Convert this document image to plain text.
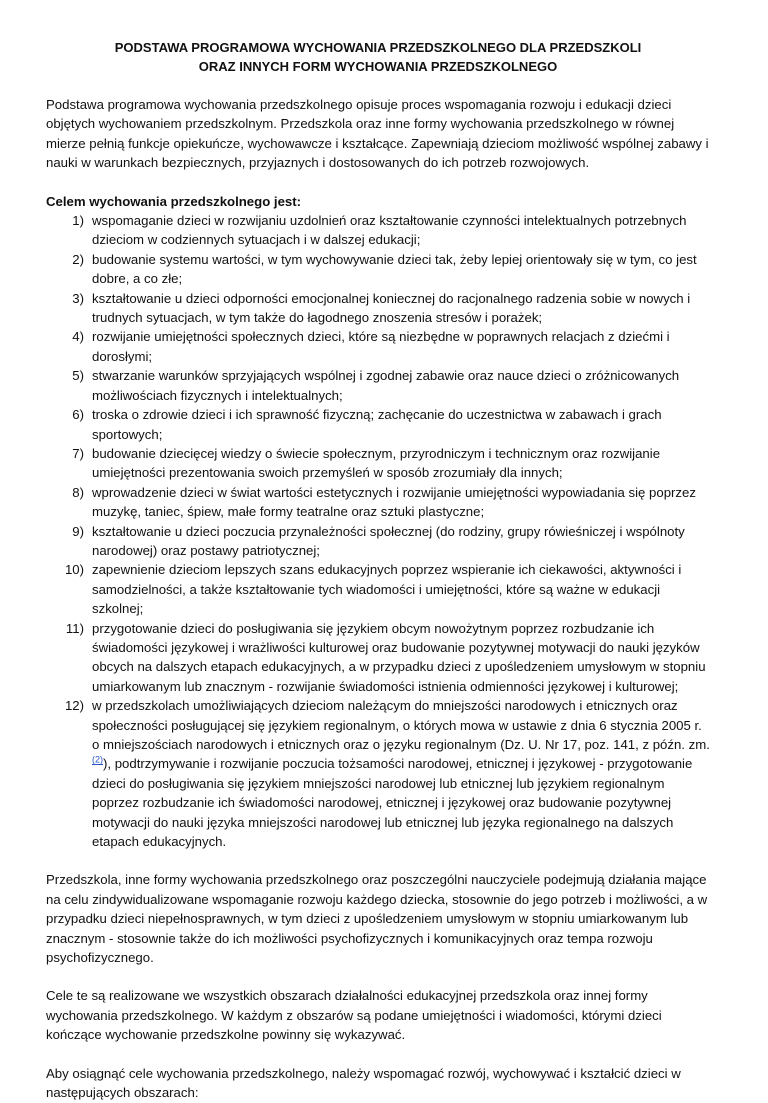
PODSTAWA PROGRAMOWA WYCHOWANIA PRZEDSZKOLNEGO DLA PRZEDSZKOLI
ORAZ INNYCH FORM WYCHOWANIA PRZEDSZKOLNEGO

Podstawa programowa wychowania przedszkolnego opisuje proces wspomagania rozwoju i edukacji dzieci objętych wychowaniem przedszkolnym. Przedszkola oraz inne formy wychowania przedszkolnego w równej mierze pełnią funkcje opiekuńcze, wychowawcze i kształcące. Zapewniają dzieciom możliwość wspólnej zabawy i nauki w warunkach bezpiecznych, przyjaznych i dostosowanych do ich potrzeb rozwojowych.

Celem wychowania przedszkolnego jest:
1) wspomaganie dzieci w rozwijaniu uzdolnień oraz kształtowanie czynności intelektualnych potrzebnych dzieciom w codziennych sytuacjach i w dalszej edukacji;
2) budowanie systemu wartości, w tym wychowywanie dzieci tak, żeby lepiej orientowały się w tym, co jest dobre, a co złe;
3) kształtowanie u dzieci odporności emocjonalnej koniecznej do racjonalnego radzenia sobie w nowych i trudnych sytuacjach, w tym także do łagodnego znoszenia stresów i porażek;
4) rozwijanie umiejętności społecznych dzieci, które są niezbędne w poprawnych relacjach z dziećmi i dorosłymi;
5) stwarzanie warunków sprzyjających wspólnej i zgodnej zabawie oraz nauce dzieci o zróżnicowanych możliwościach fizycznych i intelektualnych;
6) troska o zdrowie dzieci i ich sprawność fizyczną; zachęcanie do uczestnictwa w zabawach i grach sportowych;
7) budowanie dziecięcej wiedzy o świecie społecznym, przyrodniczym i technicznym oraz rozwijanie umiejętności prezentowania swoich przemyśleń w sposób zrozumiały dla innych;
8) wprowadzenie dzieci w świat wartości estetycznych i rozwijanie umiejętności wypowiadania się poprzez muzykę, taniec, śpiew, małe formy teatralne oraz sztuki plastyczne;
9) kształtowanie u dzieci poczucia przynależności społecznej (do rodziny, grupy rówieśniczej i wspólnoty narodowej) oraz postawy patriotycznej;
10) zapewnienie dzieciom lepszych szans edukacyjnych poprzez wspieranie ich ciekawości, aktywności i samodzielności, a także kształtowanie tych wiadomości i umiejętności, które są ważne w edukacji szkolnej;
11) przygotowanie dzieci do posługiwania się językiem obcym nowożytnym poprzez rozbudzanie ich świadomości językowej i wrażliwości kulturowej oraz budowanie pozytywnej motywacji do nauki języków obcych na dalszych etapach edukacyjnych, a w przypadku dzieci z upośledzeniem umysłowym w stopniu umiarkowanym lub znacznym - rozwijanie świadomości istnienia odmienności językowej i kulturowej;
12) w przedszkolach umożliwiających dzieciom należącym do mniejszości narodowych i etnicznych oraz społeczności posługującej się językiem regionalnym, o których mowa w ustawie z dnia 6 stycznia 2005 r. o mniejszościach narodowych i etnicznych oraz o języku regionalnym (Dz. U. Nr 17, poz. 141, z późn. zm.$^{(2)}$), podtrzymywanie i rozwijanie poczucia tożsamości narodowej, etnicznej i językowej - przygotowanie dzieci do posługiwania się językiem mniejszości narodowej lub etnicznej lub językiem regionalnym poprzez rozbudzanie ich świadomości narodowej, etnicznej i językowej oraz budowanie pozytywnej motywacji do nauki języka mniejszości narodowej lub etnicznej lub języka regionalnego na dalszych etapach edukacyjnych.

Przedszkola, inne formy wychowania przedszkolnego oraz poszczególni nauczyciele podejmują działania mające na celu zindywidualizowane wspomaganie rozwoju każdego dziecka, stosownie do jego potrzeb i możliwości, a w przypadku dzieci niepełnosprawnych, w tym dzieci z upośledzeniem umysłowym w stopniu umiarkowanym lub znacznym - stosownie także do ich możliwości psychofizycznych i komunikacyjnych oraz tempa rozwoju psychofizycznego.

Cele te są realizowane we wszystkich obszarach działalności edukacyjnej przedszkola oraz innej formy wychowania przedszkolnego. W każdym z obszarów są podane umiejętności i wiadomości, którymi dzieci kończące wychowanie przedszkolne powinny się wykazywać.

Aby osiągnąć cele wychowania przedszkolnego, należy wspomagać rozwój, wychowywać i kształcić dzieci w następujących obszarach:
